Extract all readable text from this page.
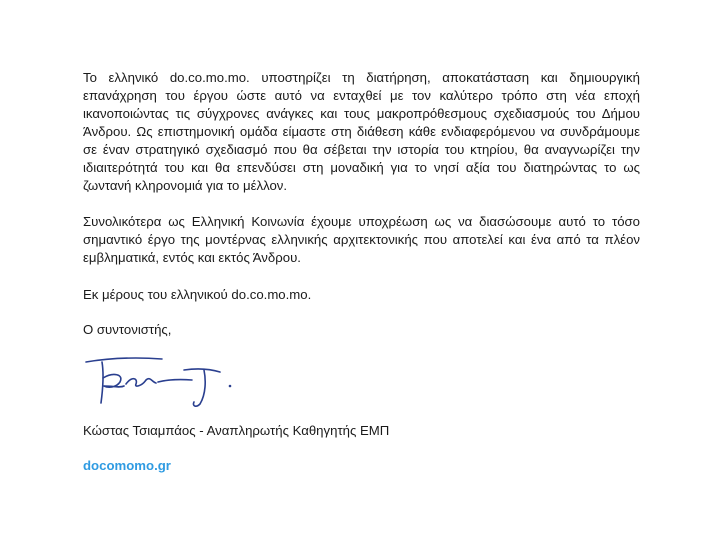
Το ελληνικό do.co.mo.mo. υποστηρίζει τη διατήρηση, αποκατάσταση και δημιουργική επανάχρηση του έργου ώστε αυτό να ενταχθεί με τον καλύτερο τρόπο στη νέα εποχή ικανοποιώντας τις σύγχρονες ανάγκες και τους μακροπρόθεσμους σχεδιασμούς του Δήμου Άνδρου. Ως επιστημονική ομάδα είμαστε στη διάθεση κάθε ενδιαφερόμενου να συνδράμουμε σε έναν στρατηγικό σχεδιασμό που θα σέβεται την ιστορία του κτηρίου, θα αναγνωρίζει την ιδιαιτερότητά του και θα επενδύσει στη μοναδική για το νησί αξία του διατηρώντας το ως ζωντανή κληρονομιά για το μέλλον.

Συνολικότερα ως Ελληνική Κοινωνία έχουμε υποχρέωση ως να διασώσουμε αυτό το τόσο σημαντικό έργο της μοντέρνας ελληνικής αρχιτεκτονικής που αποτελεί και ένα από τα πλέον εμβληματικά, εντός και εκτός Άνδρου.

Εκ μέρους του ελληνικού do.co.mo.mo.

Ο συντονιστής,

Κώστας Τσιαμπάος - Αναπληρωτής Καθηγητής ΕΜΠ

docomomo.gr
